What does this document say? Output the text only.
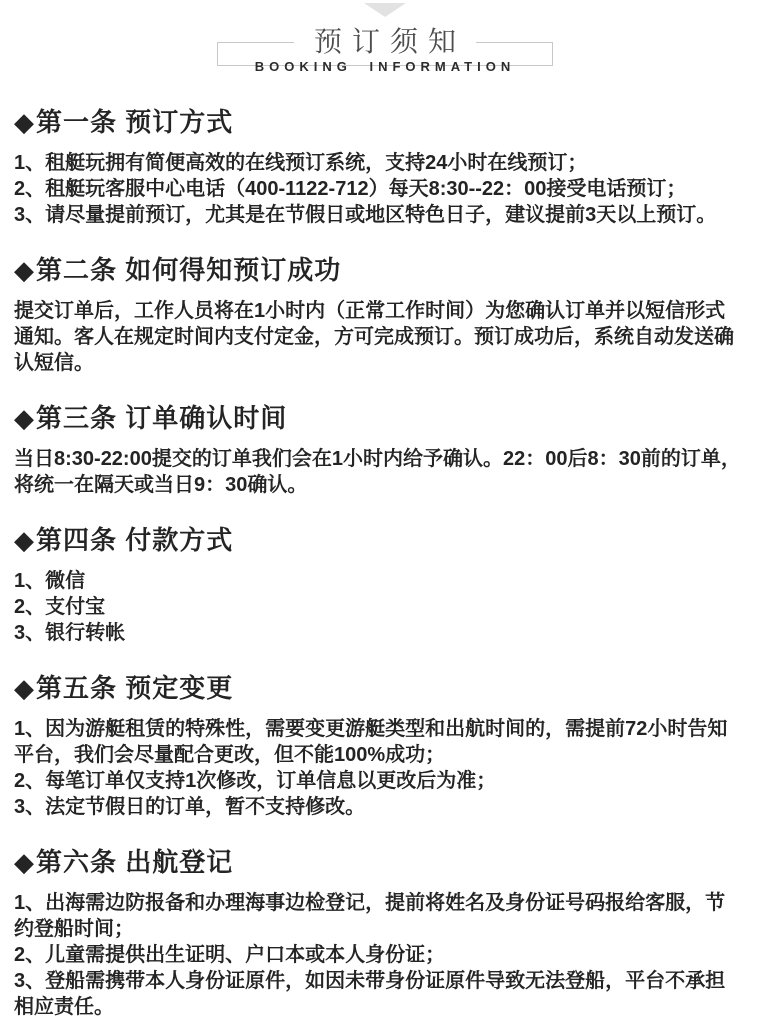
预订须知
BOOKING INFORMATION
◆第一条 预订方式

1、租艇玩拥有简便高效的在线预订系统，支持24小时在线预订；

2、租艇玩客服中心电话（400-1122-712）每天8:30--22：00接受电话预订；

3、请尽量提前预订，尤其是在节假日或地区特色日子，建议提前3天以上预订。

◆第二条 如何得知预订成功

提交订单后，工作人员将在1小时内（正常工作时间）为您确认订单并以短信形式通知。客人在规定时间内支付定金，方可完成预订。预订成功后，系统自动发送确认短信。

◆第三条 订单确认时间

当日8:30-22:00提交的订单我们会在1小时内给予确认。22：00后8：30前的订单，将统一在隔天或当日9：30确认。

◆第四条 付款方式

1、微信

2、支付宝

3、银行转帐

◆第五条 预定变更

1、因为游艇租赁的特殊性，需要变更游艇类型和出航时间的，需提前72小时告知平台，我们会尽量配合更改，但不能100%成功；

2、每笔订单仅支持1次修改，订单信息以更改后为准；

3、法定节假日的订单，暂不支持修改。

◆第六条 出航登记

1、出海需边防报备和办理海事边检登记，提前将姓名及身份证号码报给客服，节约登船时间；

2、儿童需提供出生证明、户口本或本人身份证；

3、登船需携带本人身份证原件，如因未带身份证原件导致无法登船，平台不承担相应责任。
